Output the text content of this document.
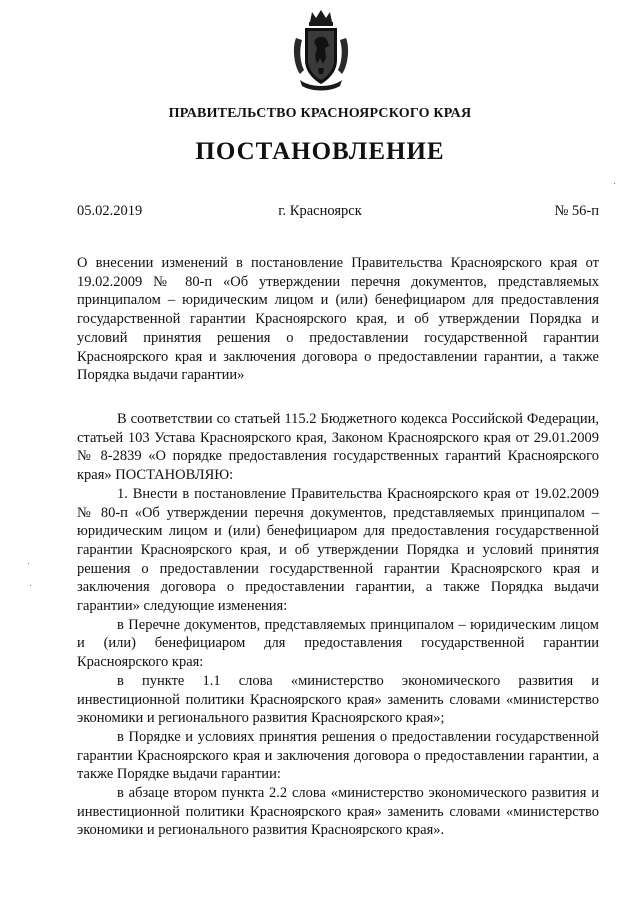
ПРАВИТЕЛЬСТВО КРАСНОЯРСКОГО КРАЯ
ПОСТАНОВЛЕНИЕ
05.02.2019	г. Красноярск	№ 56-п
О внесении изменений в постановление Правительства Красноярского края от 19.02.2009 № 80-п «Об утверждении перечня документов, представляемых принципалом – юридическим лицом и (или) бенефициаром для предоставления государственной гарантии Красноярского края, и об утверждении Порядка и условий принятия решения о предоставлении государственной гарантии Красноярского края и заключения договора о предоставлении гарантии, а также Порядка выдачи гарантии»

В соответствии со статьей 115.2 Бюджетного кодекса Российской Федерации, статьей 103 Устава Красноярского края, Законом Красноярского края от 29.01.2009 № 8-2839 «О порядке предоставления государственных гарантий Красноярского края» ПОСТАНОВЛЯЮ:

1. Внести в постановление Правительства Красноярского края от 19.02.2009 № 80-п «Об утверждении перечня документов, представляемых принципалом – юридическим лицом и (или) бенефициаром для предоставления государственной гарантии Красноярского края, и об утверждении Порядка и условий принятия решения о предоставлении государственной гарантии Красноярского края и заключения договора о предоставлении гарантии, а также Порядка выдачи гарантии» следующие изменения:

в Перечне документов, представляемых принципалом – юридическим лицом и (или) бенефициаром для предоставления государственной гарантии Красноярского края:

в пункте 1.1 слова «министерство экономического развития и инвестиционной политики Красноярского края» заменить словами «министерство экономики и регионального развития Красноярского края»;

в Порядке и условиях принятия решения о предоставлении государственной гарантии Красноярского края и заключения договора о предоставлении гарантии, а также Порядке выдачи гарантии:

в абзаце втором пункта 2.2 слова «министерство экономического развития и инвестиционной политики Красноярского края» заменить словами «министерство экономики и регионального развития Красноярского края».
